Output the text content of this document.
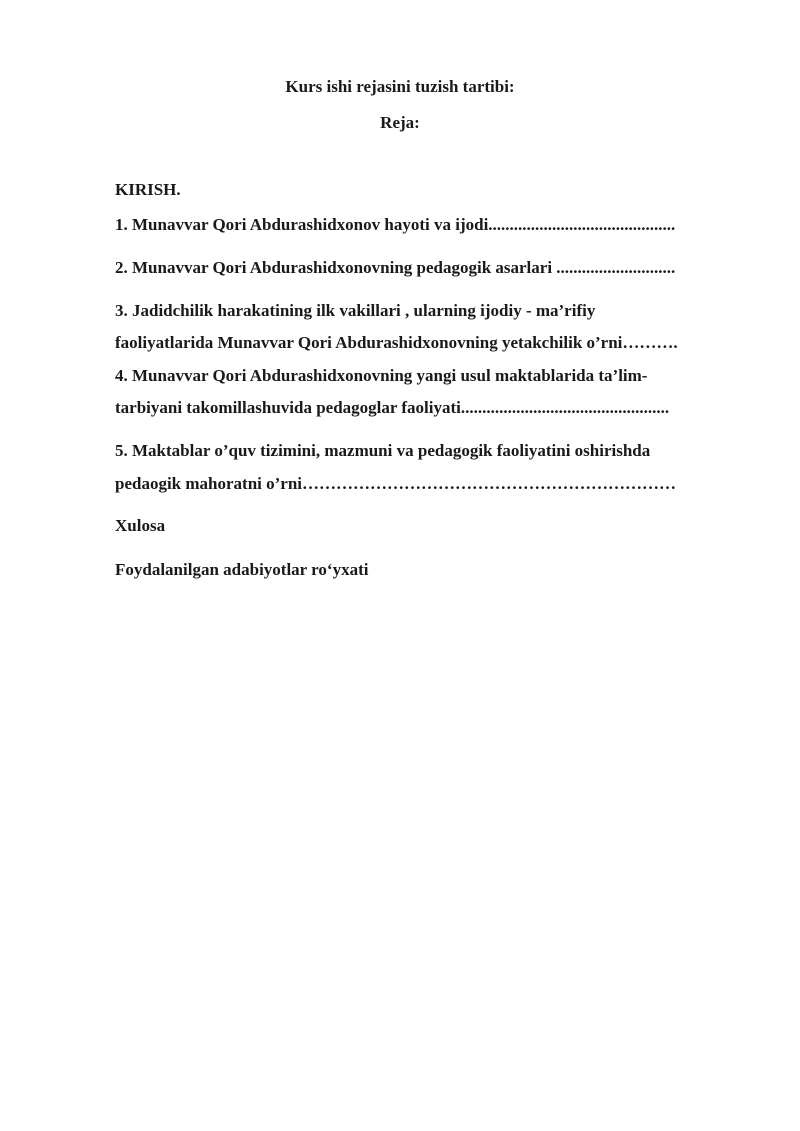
Kurs ishi rejasini tuzish tartibi:
Reja:
KIRISH.
1. Munavvar Qori Abdurashidxonov hayoti va ijodi............................................
2. Munavvar Qori Abdurashidxonovning pedagogik asarlari ............................
3. Jadidchilik harakatining ilk vakillari , ularning ijodiy - ma’rifiy
faoliyatlarida Munavvar Qori Abdurashidxonovning yetakchilik o’rni……….
4. Munavvar Qori Abdurashidxonovning yangi usul maktablarida ta’lim-
tarbiyani takomillashuvida pedagoglar faoliyati.................................................
5. Maktablar o’quv tizimini, mazmuni va pedagogik faoliyatini oshirishda
pedaogik mahoratni o’rni…………………………………………………………
Xulosa
Foydalanilgan adabiyotlar ro‘yxati
